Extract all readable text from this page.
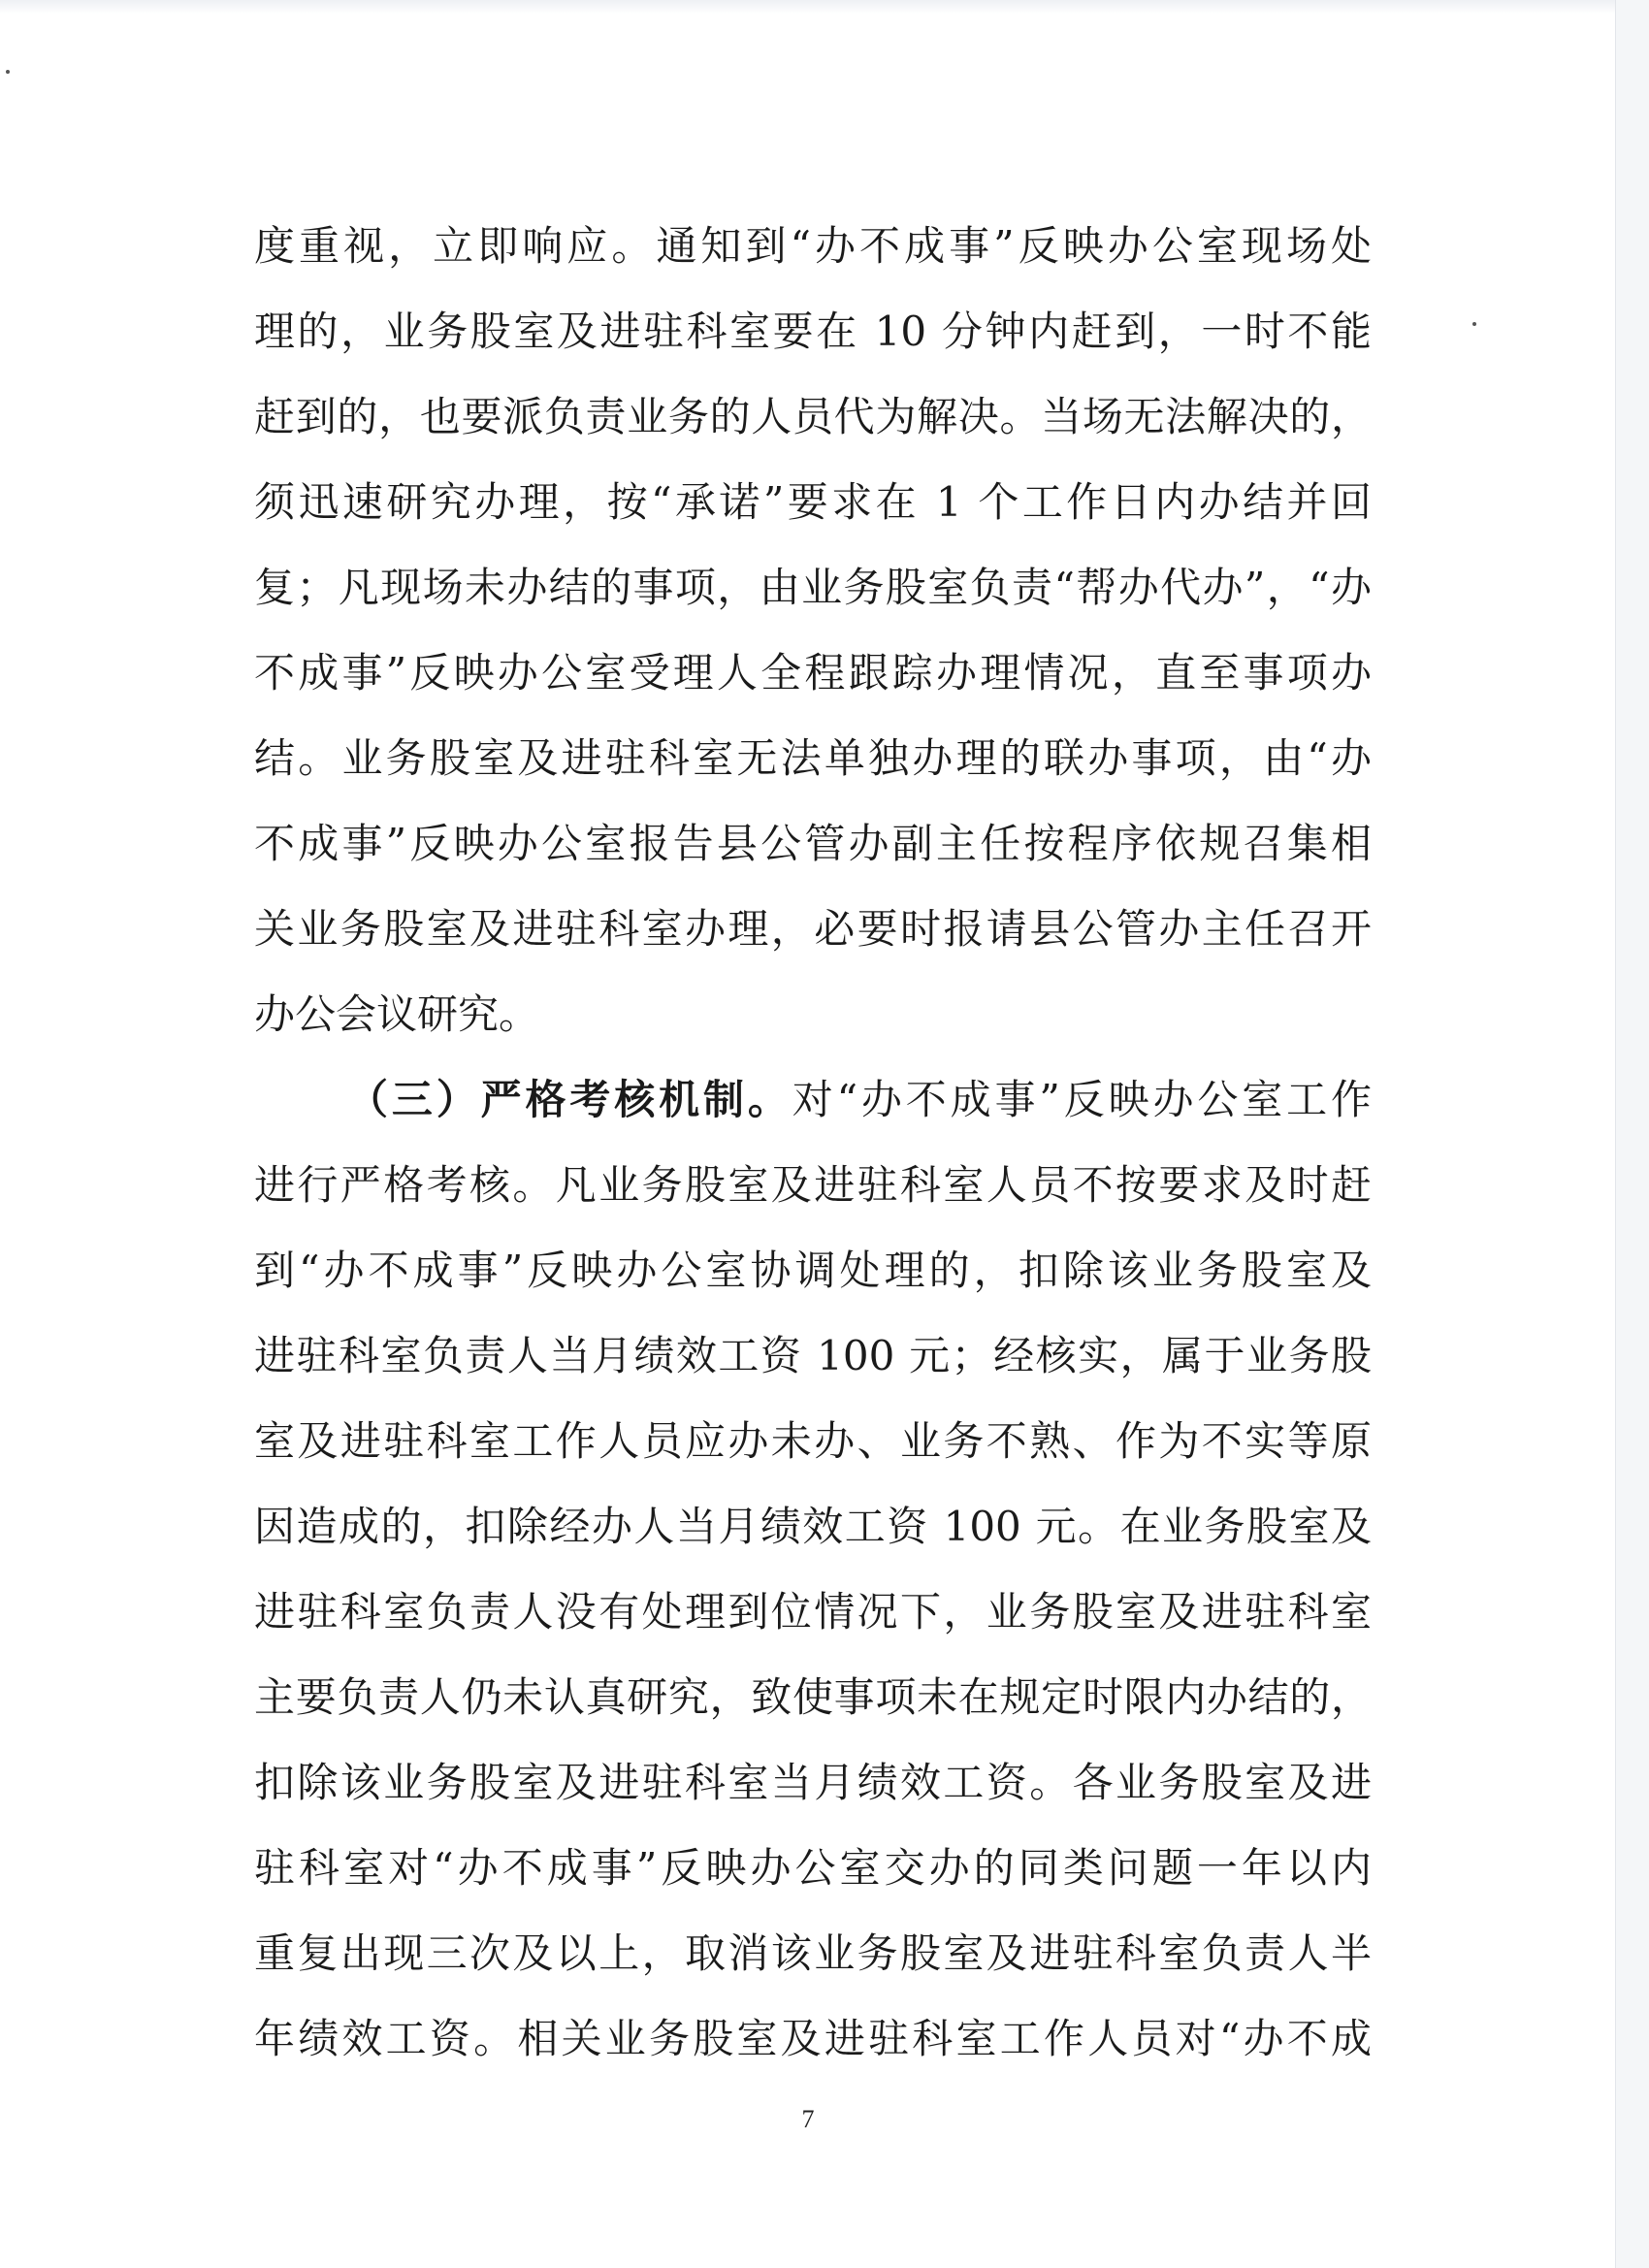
度重视，立即响应。通知到“办不成事”反映办公室现场处
理的，业务股室及进驻科室要在 10 分钟内赶到，一时不能
赶到的，也要派负责业务的人员代为解决。当场无法解决的，
须迅速研究办理，按“承诺”要求在 1 个工作日内办结并回
复；凡现场未办结的事项，由业务股室负责“帮办代办”，“办
不成事”反映办公室受理人全程跟踪办理情况，直至事项办
结。业务股室及进驻科室无法单独办理的联办事项，由“办
不成事”反映办公室报告县公管办副主任按程序依规召集相
关业务股室及进驻科室办理，必要时报请县公管办主任召开
办公会议研究。
（三）严格考核机制。对“办不成事”反映办公室工作
进行严格考核。凡业务股室及进驻科室人员不按要求及时赶
到“办不成事”反映办公室协调处理的，扣除该业务股室及
进驻科室负责人当月绩效工资 100 元；经核实，属于业务股
室及进驻科室工作人员应办未办、业务不熟、作为不实等原
因造成的，扣除经办人当月绩效工资 100 元。在业务股室及
进驻科室负责人没有处理到位情况下，业务股室及进驻科室
主要负责人仍未认真研究，致使事项未在规定时限内办结的，
扣除该业务股室及进驻科室当月绩效工资。各业务股室及进
驻科室对“办不成事”反映办公室交办的同类问题一年以内
重复出现三次及以上，取消该业务股室及进驻科室负责人半
年绩效工资。相关业务股室及进驻科室工作人员对“办不成
7
